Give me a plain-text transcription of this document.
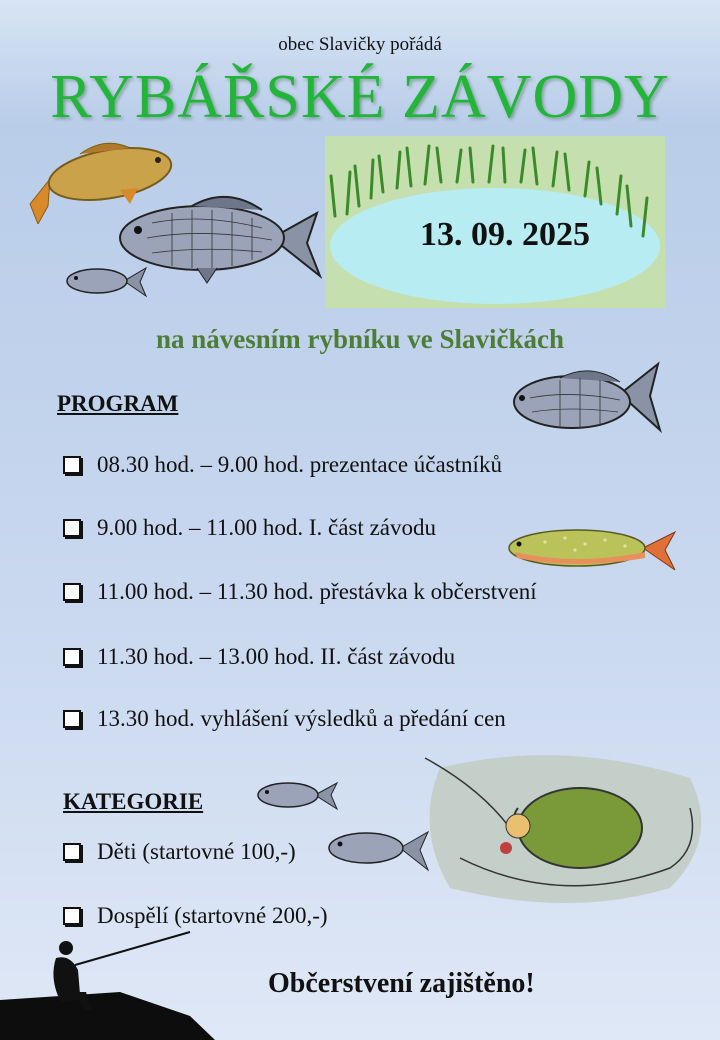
obec Slavičky pořádá
RYBÁŘSKÉ ZÁVODY
13. 09. 2025
na návesním rybníku ve Slavičkách
PROGRAM
08.30 hod. – 9.00 hod. prezentace účastníků
9.00 hod. – 11.00 hod. I. část závodu
11.00 hod. – 11.30 hod. přestávka k občerstvení
11.30 hod. – 13.00 hod. II. část závodu
13.30 hod. vyhlášení výsledků a předání cen
KATEGORIE
Děti (startovné 100,-)
Dospělí (startovné 200,-)
Občerstvení zajištěno!
